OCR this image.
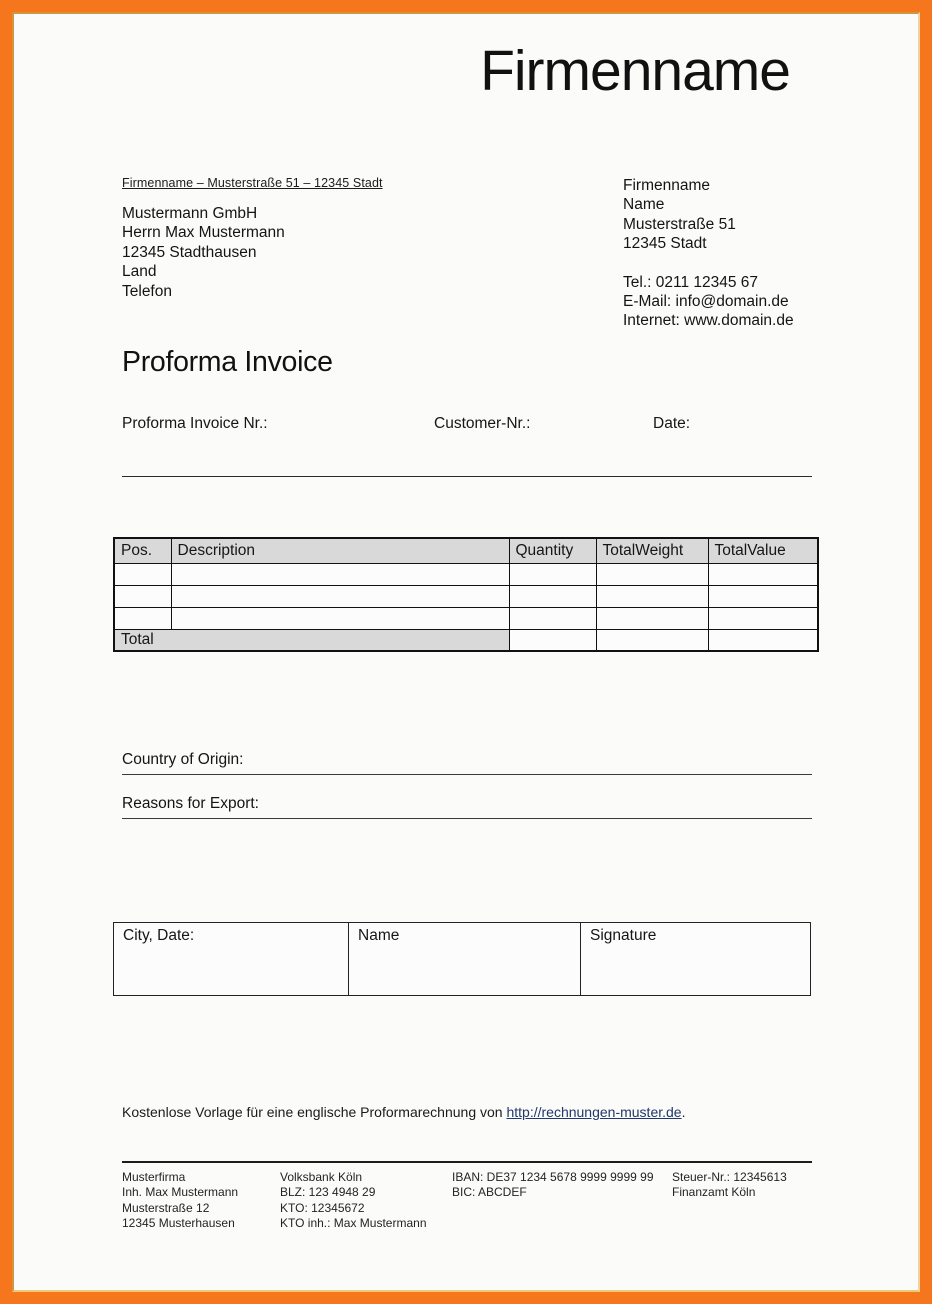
Firmenname
Firmenname – Musterstraße 51 – 12345 Stadt
Mustermann GmbH
Herrn Max Mustermann
12345 Stadthausen
Land
Telefon
Firmenname
Name
Musterstraße 51
12345 Stadt
Tel.: 0211 12345 67
E-Mail: info@domain.de
Internet: www.domain.de
Proforma Invoice
Proforma Invoice Nr.:	Customer-Nr.:	Date:
Pos.	Description	Quantity	TotalWeight	TotalValue

Total				
Country of Origin:
Reasons for Export:
City, Date:	Name	Signature

Kostenlose Vorlage für eine englische Proformarechnung von http://rechnungen-muster.de.

Musterfirma
Inh. Max Mustermann
Musterstraße 12
12345 Musterhausen
Volksbank Köln
BLZ: 123 4948 29
KTO: 12345672
KTO inh.: Max Mustermann
IBAN: DE37 1234 5678 9999 9999 99
BIC: ABCDEF
Steuer-Nr.: 12345613
Finanzamt Köln
